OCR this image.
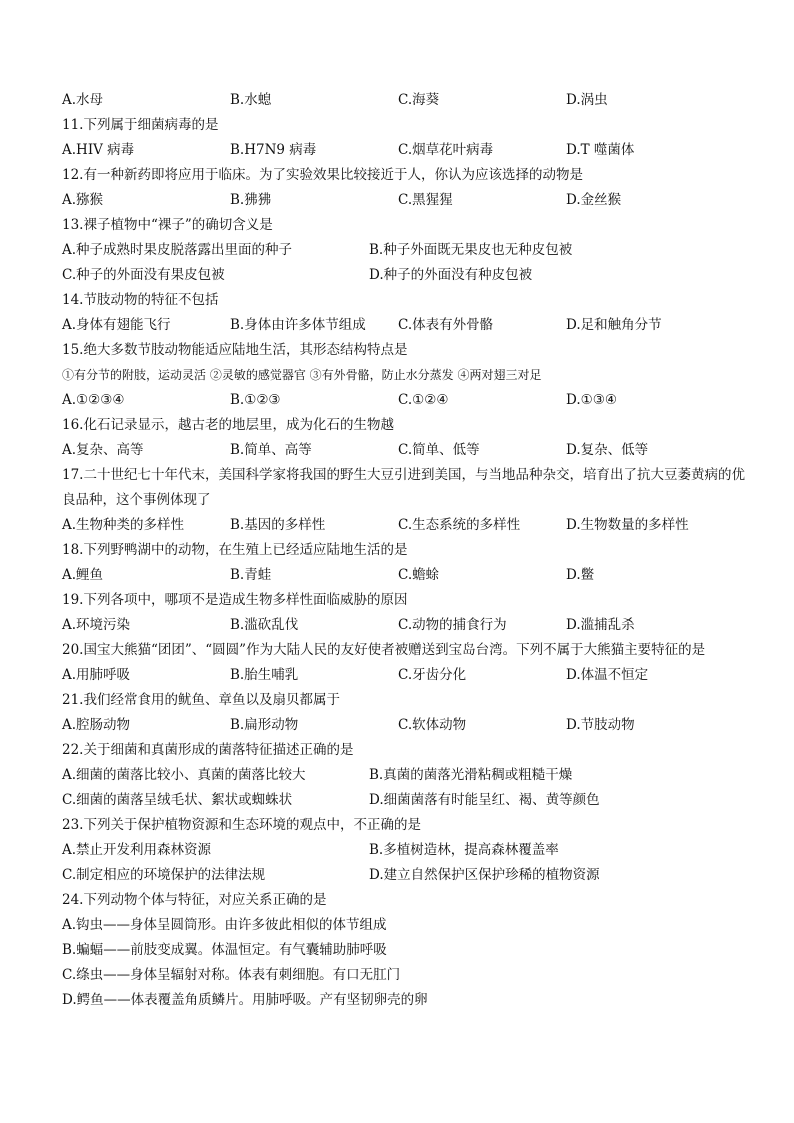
A.水母	B.水螅	C.海葵	D.涡虫
11.下列属于细菌病毒的是
A.HIV 病毒	B.H7N9 病毒	C.烟草花叶病毒	D.T 噬菌体
12.有一种新药即将应用于临床。为了实验效果比较接近于人，你认为应该选择的动物是
A.猕猴	B.狒狒	C.黑猩猩	D.金丝猴
13.裸子植物中“裸子”的确切含义是
A.种子成熟时果皮脱落露出里面的种子	B.种子外面既无果皮也无种皮包被
C.种子的外面没有果皮包被	D.种子的外面没有种皮包被
14.节肢动物的特征不包括
A.身体有翅能飞行	B.身体由许多体节组成	C.体表有外骨骼	D.足和触角分节
15.绝大多数节肢动物能适应陆地生活，其形态结构特点是
①有分节的附肢，运动灵活 ②灵敏的感觉器官 ③有外骨骼，防止水分蒸发 ④两对翅三对足
A.①②③④	B.①②③	C.①②④	D.①③④
16.化石记录显示，越古老的地层里，成为化石的生物越
A.复杂、高等	B.简单、高等	C.简单、低等	D.复杂、低等
17.二十世纪七十年代末，美国科学家将我国的野生大豆引进到美国，与当地品种杂交，培育出了抗大豆萎黄病的优良品种，这个事例体现了
A.生物种类的多样性	B.基因的多样性	C.生态系统的多样性	D.生物数量的多样性
18.下列野鸭湖中的动物，在生殖上已经适应陆地生活的是
A.鲤鱼	B.青蛙	C.蟾蜍	D.鳖
19.下列各项中，哪项不是造成生物多样性面临威胁的原因
A.环境污染	B.滥砍乱伐	C.动物的捕食行为	D.滥捕乱杀
20.国宝大熊猫“团团”、“圆圆”作为大陆人民的友好使者被赠送到宝岛台湾。下列不属于大熊猫主要特征的是
A.用肺呼吸	B.胎生哺乳	C.牙齿分化	D.体温不恒定
21.我们经常食用的鱿鱼、章鱼以及扇贝都属于
A.腔肠动物	B.扁形动物	C.软体动物	D.节肢动物
22.关于细菌和真菌形成的菌落特征描述正确的是
A.细菌的菌落比较小、真菌的菌落比较大	B.真菌的菌落光滑粘稠或粗糙干燥
C.细菌的菌落呈绒毛状、絮状或蜘蛛状	D.细菌菌落有时能呈红、褐、黄等颜色
23.下列关于保护植物资源和生态环境的观点中，不正确的是
A.禁止开发利用森林资源	B.多植树造林，提高森林覆盖率
C.制定相应的环境保护的法律法规	D.建立自然保护区保护珍稀的植物资源
24.下列动物个体与特征，对应关系正确的是
A.钩虫——身体呈圆筒形。由许多彼此相似的体节组成
B.蝙蝠——前肢变成翼。体温恒定。有气囊辅助肺呼吸
C.绦虫——身体呈辐射对称。体表有刺细胞。有口无肛门
D.鳄鱼——体表覆盖角质鳞片。用肺呼吸。产有坚韧卵壳的卵
